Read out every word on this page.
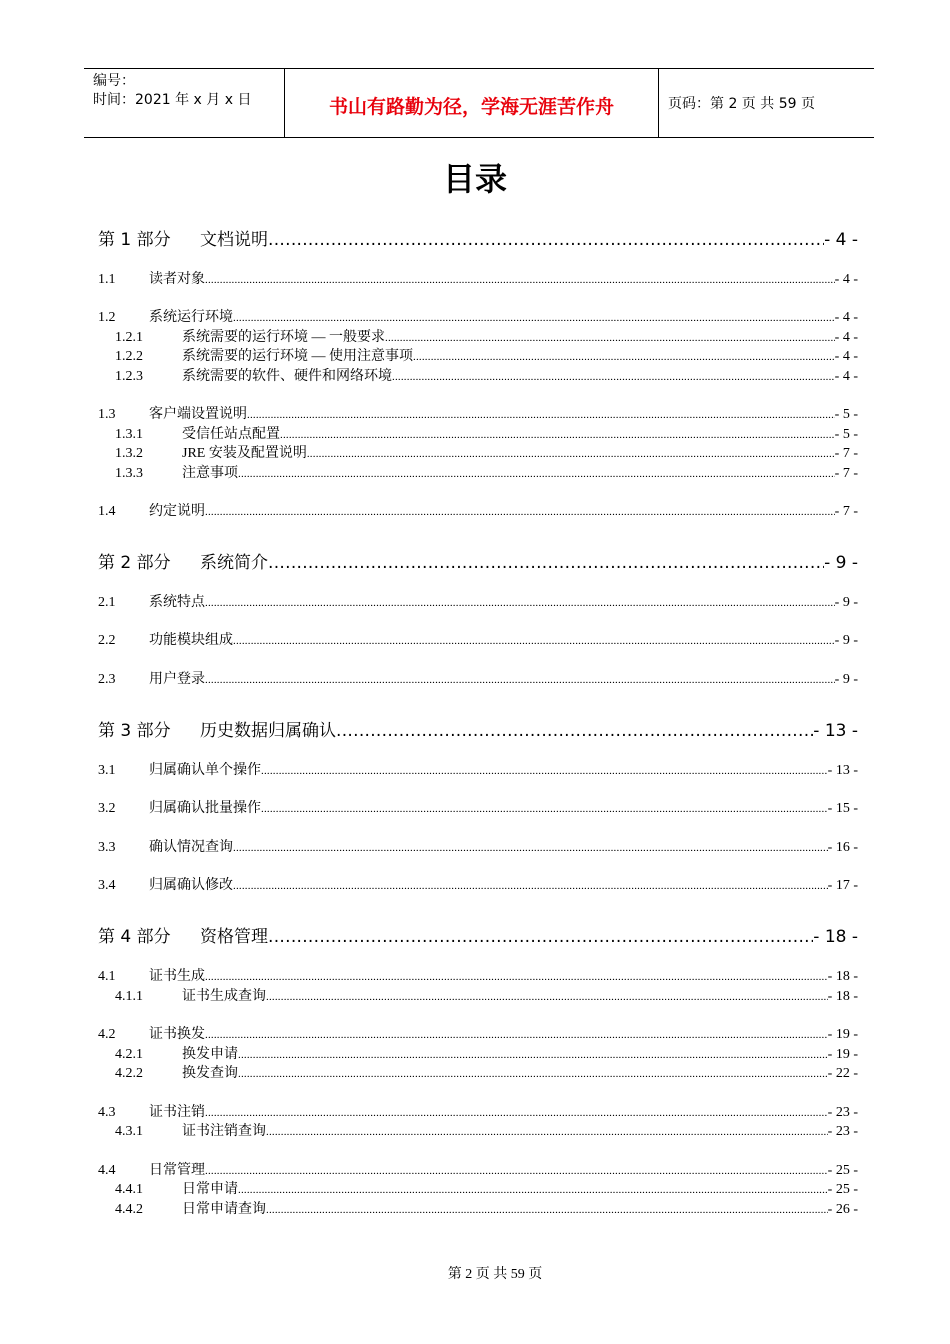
编号：
时间：2021 年 x 月 x 日	书山有路勤为径，学海无涯苦作舟	页码：第 2 页 共 59 页
目录
第 1 部分	文档说明 .....	- 4 -
1.1	读者对象 .....	- 4 -
1.2	系统运行环境 .....	- 4 -
1.2.1	系统需要的运行环境 — 一般要求 .....	- 4 -
1.2.2	系统需要的运行环境 — 使用注意事项 .....	- 4 -
1.2.3	系统需要的软件、硬件和网络环境 .....	- 4 -
1.3	客户端设置说明 .....	- 5 -
1.3.1	受信任站点配置 .....	- 5 -
1.3.2	JRE 安装及配置说明 .....	- 7 -
1.3.3	注意事项 .....	- 7 -
1.4	约定说明 .....	- 7 -
第 2 部分	系统简介 .....	- 9 -
2.1	系统特点 .....	- 9 -
2.2	功能模块组成 .....	- 9 -
2.3	用户登录 .....	- 9 -
第 3 部分	历史数据归属确认 .....	- 13 -
3.1	归属确认单个操作 .....	- 13 -
3.2	归属确认批量操作 .....	- 15 -
3.3	确认情况查询 .....	- 16 -
3.4	归属确认修改 .....	- 17 -
第 4 部分	资格管理 .....	- 18 -
4.1	证书生成 .....	- 18 -
4.1.1	证书生成查询 .....	- 18 -
4.2	证书换发 .....	- 19 -
4.2.1	换发申请 .....	- 19 -
4.2.2	换发查询 .....	- 22 -
4.3	证书注销 .....	- 23 -
4.3.1	证书注销查询 .....	- 23 -
4.4	日常管理 .....	- 25 -
4.4.1	日常申请 .....	- 25 -
4.4.2	日常申请查询 .....	- 26 -
第 2 页 共 59 页
